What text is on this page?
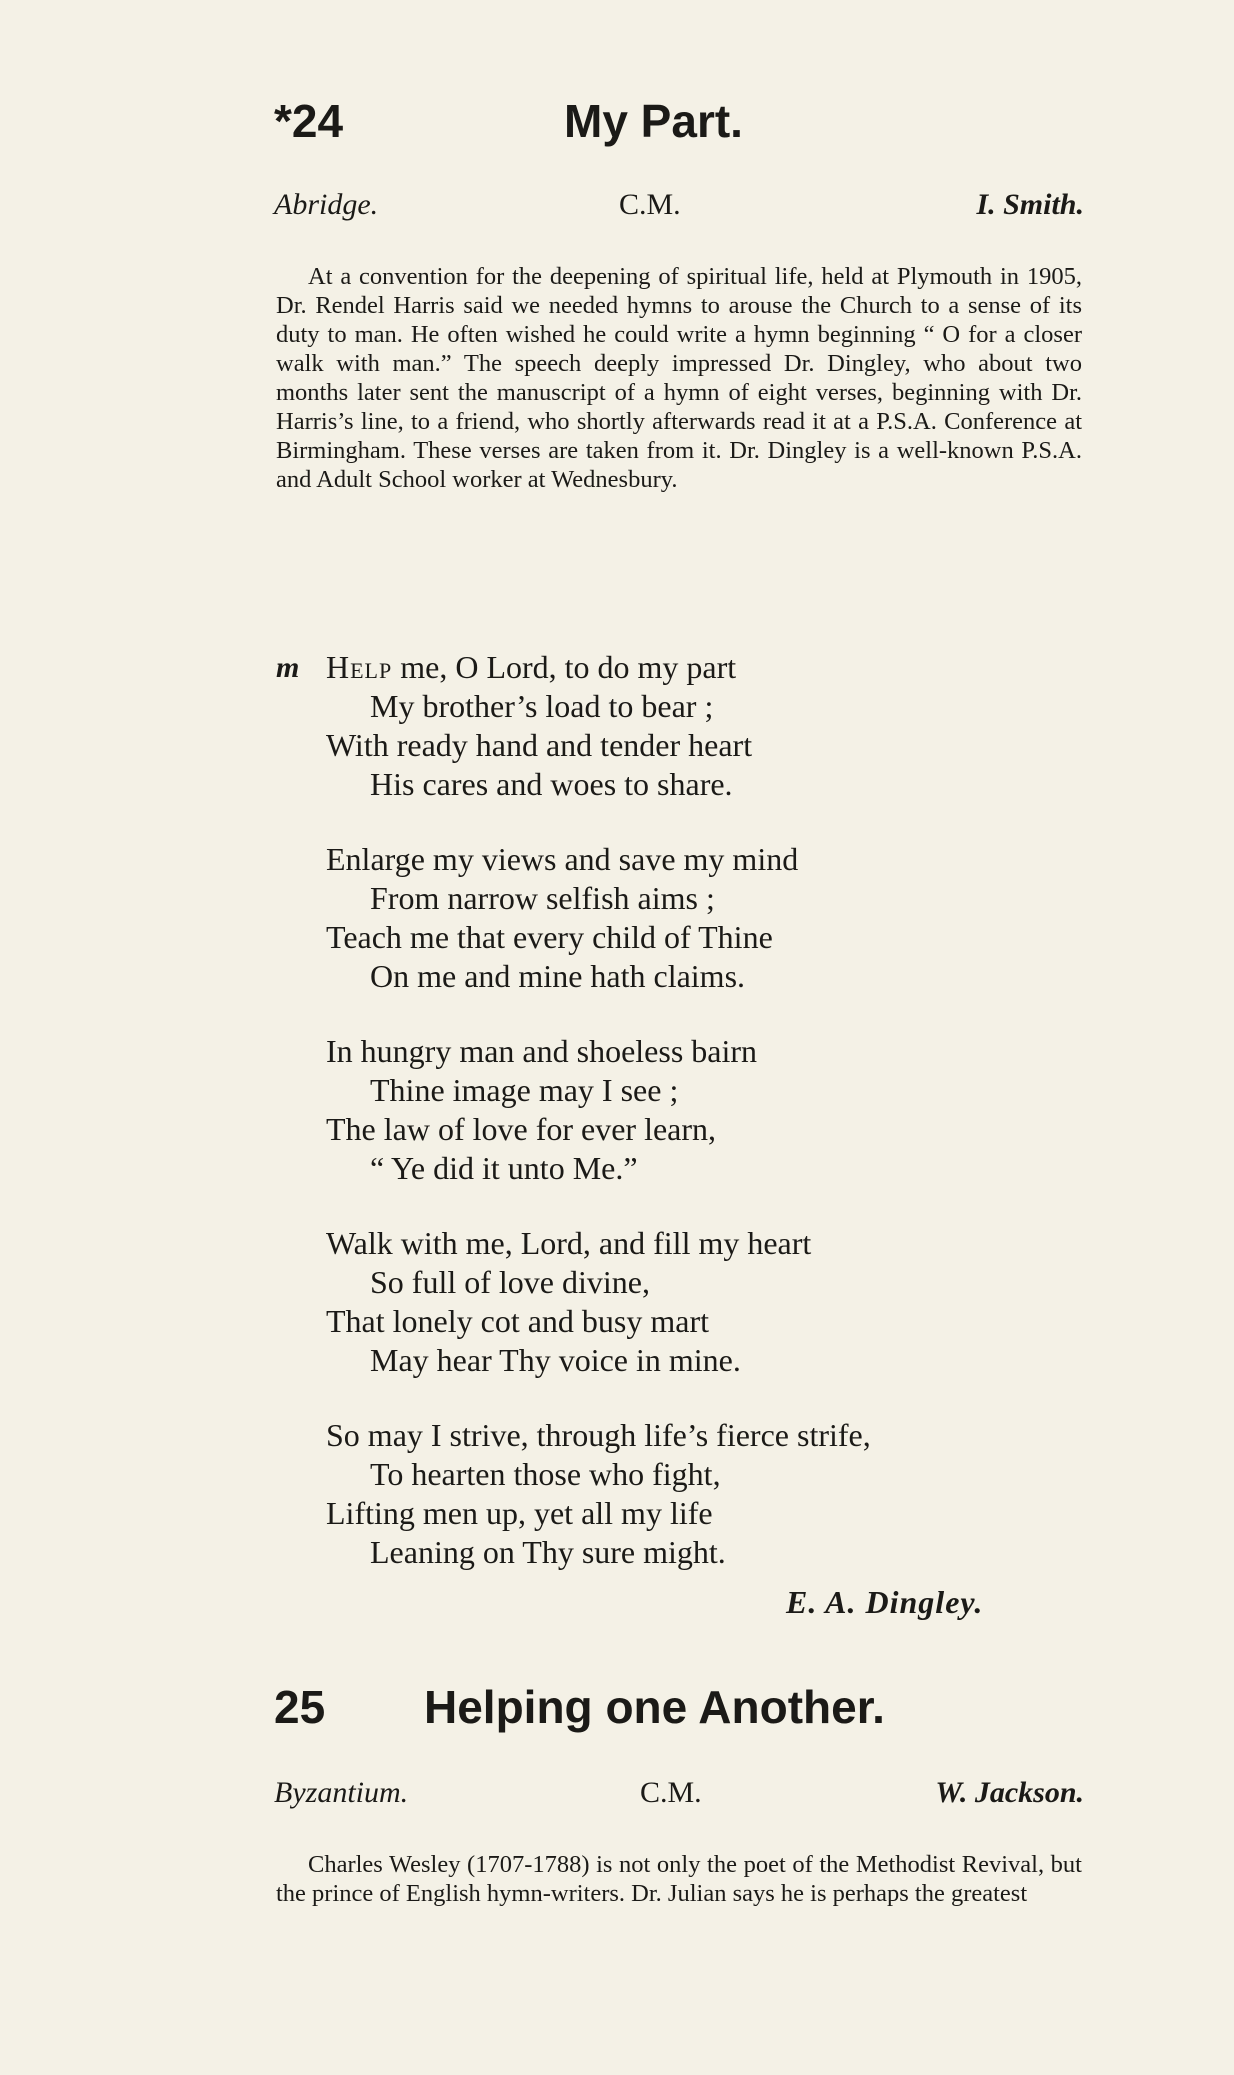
*24	My Part.
Abridge.	C.M.	I. Smith.

At a convention for the deepening of spiritual life, held at Plymouth in 1905, Dr. Rendel Harris said we needed hymns to arouse the Church to a sense of its duty to man. He often wished he could write a hymn beginning “ O for a closer walk with man.” The speech deeply impressed Dr. Dingley, who about two months later sent the manuscript of a hymn of eight verses, beginning with Dr. Harris’s line, to a friend, who shortly afterwards read it at a P.S.A. Conference at Birmingham. These verses are taken from it. Dr. Dingley is a well-known P.S.A. and Adult School worker at Wednesbury.

m Help me, O Lord, to do my part
My brother’s load to bear ;
With ready hand and tender heart
His cares and woes to share.
Enlarge my views and save my mind
From narrow selfish aims ;
Teach me that every child of Thine
On me and mine hath claims.
In hungry man and shoeless bairn
Thine image may I see ;
The law of love for ever learn,
“ Ye did it unto Me.”
Walk with me, Lord, and fill my heart
So full of love divine,
That lonely cot and busy mart
May hear Thy voice in mine.
So may I strive, through life’s fierce strife,
To hearten those who fight,
Lifting men up, yet all my life
Leaning on Thy sure might.
E. A. Dingley.
25 Helping one Another.
Byzantium.	C.M.	W. Jackson.

Charles Wesley (1707-1788) is not only the poet of the Methodist Revival, but the prince of English hymn-writers. Dr. Julian says he is perhaps the greatest
